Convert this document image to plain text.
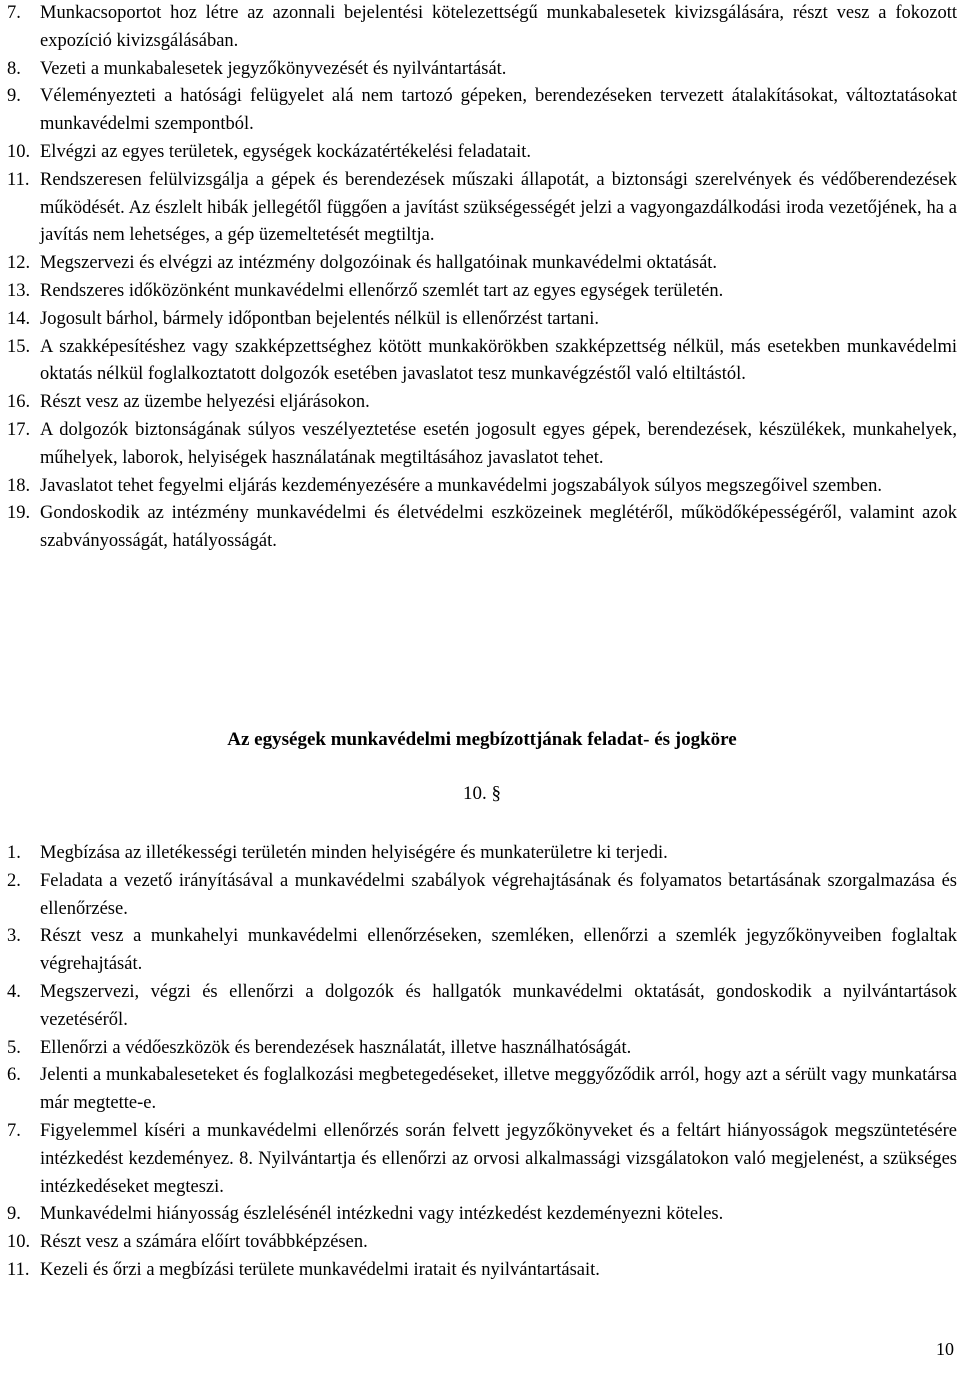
7. Munkacsoportot hoz létre az azonnali bejelentési kötelezettségű munkabalesetek kivizsgálására, részt vesz a fokozott expozíció kivizsgálásában.
8. Vezeti a munkabalesetek jegyzőkönyvezését és nyilvántartását.
9. Véleményezteti a hatósági felügyelet alá nem tartozó gépeken, berendezéseken tervezett átalakításokat, változtatásokat munkavédelmi szempontból.
10. Elvégzi az egyes területek, egységek kockázatértékelési feladatait.
11. Rendszeresen felülvizsgálja a gépek és berendezések műszaki állapotát, a biztonsági szerelvények és védőberendezések működését. Az észlelt hibák jellegétől függően a javítást szükségességét jelzi a vagyongazdálkodási iroda vezetőjének, ha a javítás nem lehetséges, a gép üzemeltetését megtiltja.
12. Megszervezi és elvégzi az intézmény dolgozóinak és hallgatóinak munkavédelmi oktatását.
13. Rendszeres időközönként munkavédelmi ellenőrző szemlét tart az egyes egységek területén.
14. Jogosult bárhol, bármely időpontban bejelentés nélkül is ellenőrzést tartani.
15. A szakképesítéshez vagy szakképzettséghez kötött munkakörökben szakképzettség nélkül, más esetekben munkavédelmi oktatás nélkül foglalkoztatott dolgozók esetében javaslatot tesz munkavégzéstől való eltiltástól.
16. Részt vesz az üzembe helyezési eljárásokon.
17. A dolgozók biztonságának súlyos veszélyeztetése esetén jogosult egyes gépek, berendezések, készülékek, munkahelyek, műhelyek, laborok, helyiségek használatának megtiltásához javaslatot tehet.
18. Javaslatot tehet fegyelmi eljárás kezdeményezésére a munkavédelmi jogszabályok súlyos megszegőivel szemben.
19. Gondoskodik az intézmény munkavédelmi és életvédelmi eszközeinek meglétéről, működőképességéről, valamint azok szabványosságát, hatályosságát.
Az egységek munkavédelmi megbízottjának feladat- és jogköre
10. §
1. Megbízása az illetékességi területén minden helyiségére és munkaterületre ki terjedi.
2. Feladata a vezető irányításával a munkavédelmi szabályok végrehajtásának és folyamatos betartásának szorgalmazása és ellenőrzése.
3. Részt vesz a munkahelyi munkavédelmi ellenőrzéseken, szemléken, ellenőrzi a szemlék jegyzőkönyveiben foglaltak végrehajtását.
4. Megszervezi, végzi és ellenőrzi a dolgozók és hallgatók munkavédelmi oktatását, gondoskodik a nyilvántartások vezetéséről.
5. Ellenőrzi a védőeszközök és berendezések használatát, illetve használhatóságát.
6. Jelenti a munkabaleseteket és foglalkozási megbetegedéseket, illetve meggyőződik arról, hogy azt a sérült vagy munkatársa már megtette-e.
7. Figyelemmel kíséri a munkavédelmi ellenőrzés során felvett jegyzőkönyveket és a feltárt hiányosságok megszüntetésére intézkedést kezdeményez. 8. Nyilvántartja és ellenőrzi az orvosi alkalmassági vizsgálatokon való megjelenést, a szükséges intézkedéseket megteszi.
9. Munkavédelmi hiányosság észlelésénél intézkedni vagy intézkedést kezdeményezni köteles.
10. Részt vesz a számára előírt továbbképzésen.
11. Kezeli és őrzi a megbízási területe munkavédelmi iratait és nyilvántartásait.
10
